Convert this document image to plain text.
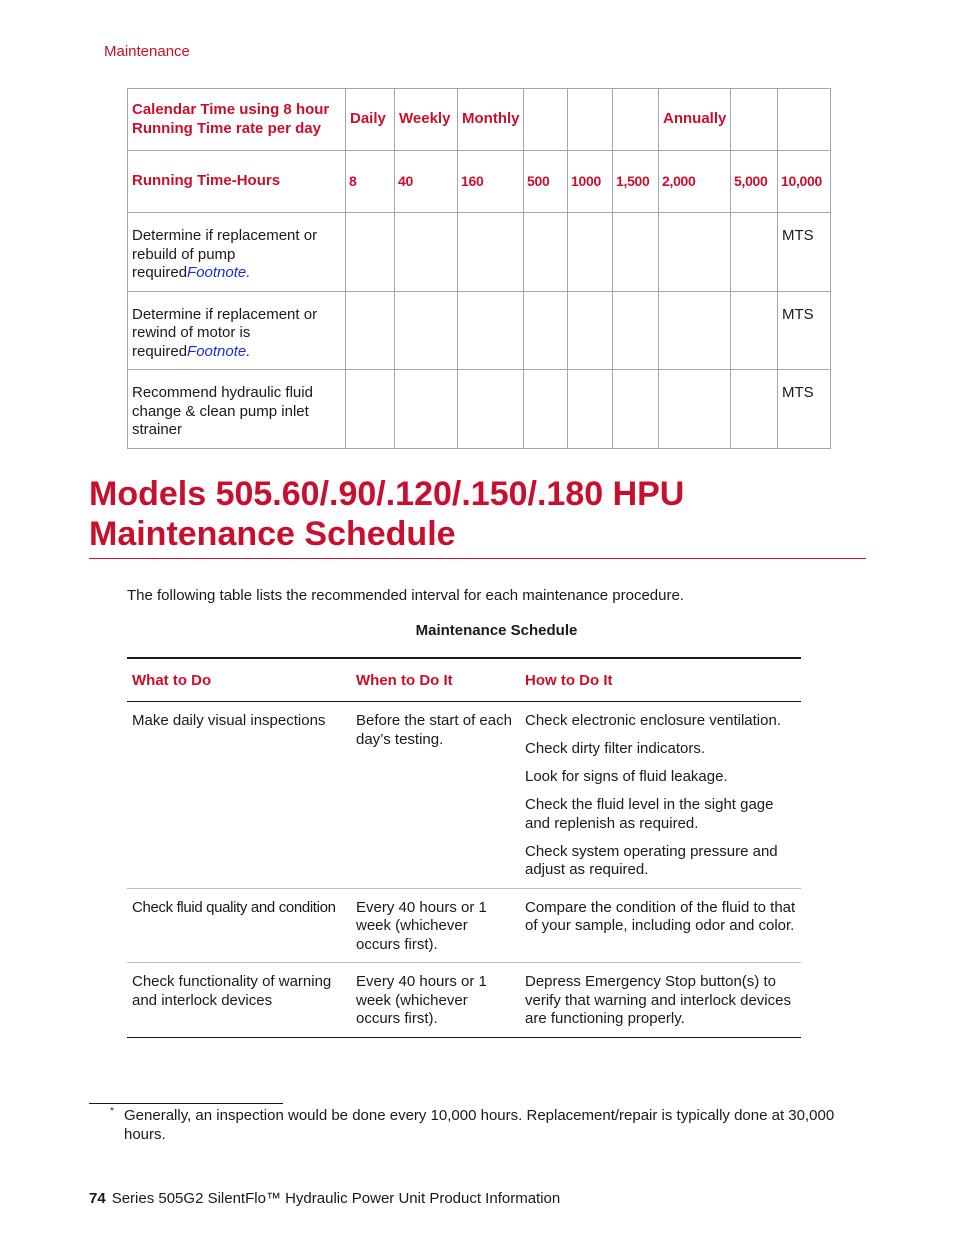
Maintenance
Calendar Time using 8 hour Running Time rate per day	Daily	Weekly	Monthly				Annually		
Running Time-Hours	8	40	160	500	1000	1,500	2,000	5,000	10,000
Determine if replacement or rebuild of pump requiredFootnote.									MTS
Determine if replacement or rewind of motor is requiredFootnote.									MTS
Recommend hydraulic fluid change & clean pump inlet strainer									MTS
Models 505.60/.90/.120/.150/.180 HPU Maintenance Schedule
The following table lists the recommended interval for each maintenance procedure.
Maintenance Schedule
What to Do	When to Do It	How to Do It
Make daily visual inspections	Before the start of each day’s testing.	Check electronic enclosure ventilation.

Check dirty filter indicators.

Look for signs of fluid leakage.

Check the fluid level in the sight gage and replenish as required.

Check system operating pressure and adjust as required.

Check fluid quality and condition	Every 40 hours or 1 week (whichever occurs first).	Compare the condition of the fluid to that of your sample, including odor and color.

Check functionality of warning and interlock devices	Every 40 hours or 1 week (whichever occurs first).	Depress Emergency Stop button(s) to verify that warning and interlock devices are functioning properly.

* Generally, an inspection would be done every 10,000 hours. Replacement/repair is typically done at 30,000 hours.
74 Series 505G2 SilentFlo™ Hydraulic Power Unit Product Information
